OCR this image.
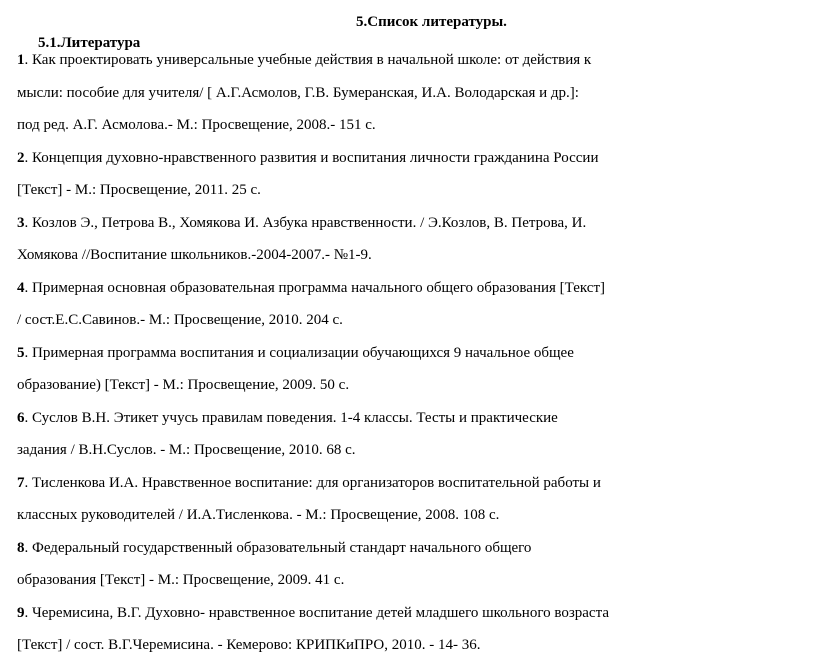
5.Список литературы.
5.1.Литература
1. Как проектировать универсальные учебные действия в начальной школе: от действия к
мысли: пособие для учителя/ [ А.Г.Асмолов, Г.В. Бумеранская, И.А. Володарская и др.]:
под ред. А.Г. Асмолова.- М.: Просвещение, 2008.- 151 с.
2. Концепция духовно-нравственного развития и воспитания личности гражданина России
[Текст] - М.: Просвещение, 2011. 25 с.
3. Козлов Э., Петрова В., Хомякова И. Азбука нравственности. / Э.Козлов, В. Петрова, И.
Хомякова //Воспитание школьников.-2004-2007.- №1-9.
4. Примерная основная образовательная программа начального общего образования [Текст]
/ сост.Е.С.Савинов.- М.: Просвещение, 2010. 204 с.
5. Примерная программа воспитания и социализации обучающихся 9 начальное общее
образование) [Текст] - М.: Просвещение, 2009. 50 с.
6. Суслов В.Н. Этикет учусь правилам поведения. 1-4 классы. Тесты и практические
задания / В.Н.Суслов. - М.: Просвещение, 2010. 68 с.
7. Тисленкова И.А. Нравственное воспитание: для организаторов воспитательной работы и
классных руководителей / И.А.Тисленкова. - М.: Просвещение, 2008. 108 с.
8. Федеральный государственный образовательный стандарт начального общего
образования [Текст] - М.: Просвещение, 2009. 41 с.
9. Черемисина, В.Г. Духовно- нравственное воспитание детей младшего школьного возраста
[Текст] / сост. В.Г.Черемисина. - Кемерово: КРИПКиПРО, 2010. - 14- 36.
